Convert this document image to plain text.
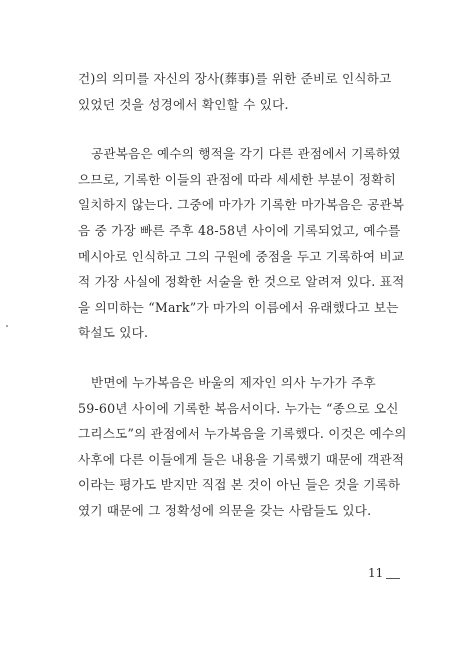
건)의 의미를 자신의 장사(葬事)를 위한 준비로 인식하고
있었던 것을 성경에서 확인할 수 있다.

공관복음은 예수의 행적을 각기 다른 관점에서 기록하였
으므로, 기록한 이들의 관점에 따라 세세한 부분이 정확히
일치하지 않는다. 그중에 마가가 기록한 마가복음은 공관복
음 중 가장 빠른 주후 48-58년 사이에 기록되었고, 예수를
메시아로 인식하고 그의 구원에 중점을 두고 기록하여 비교
적 가장 사실에 정확한 서술을 한 것으로 알려져 있다. 표적
을 의미하는 “Mark”가 마가의 이름에서 유래했다고 보는
학설도 있다.

반면에 누가복음은 바울의 제자인 의사 누가가 주후
59-60년 사이에 기록한 복음서이다. 누가는 “종으로 오신
그리스도”의 관점에서 누가복음을 기록했다. 이것은 예수의
사후에 다른 이들에게 들은 내용을 기록했기 때문에 객관적
이라는 평가도 받지만 직접 본 것이 아닌 들은 것을 기록하
였기 때문에 그 정확성에 의문을 갖는 사람들도 있다.

11
